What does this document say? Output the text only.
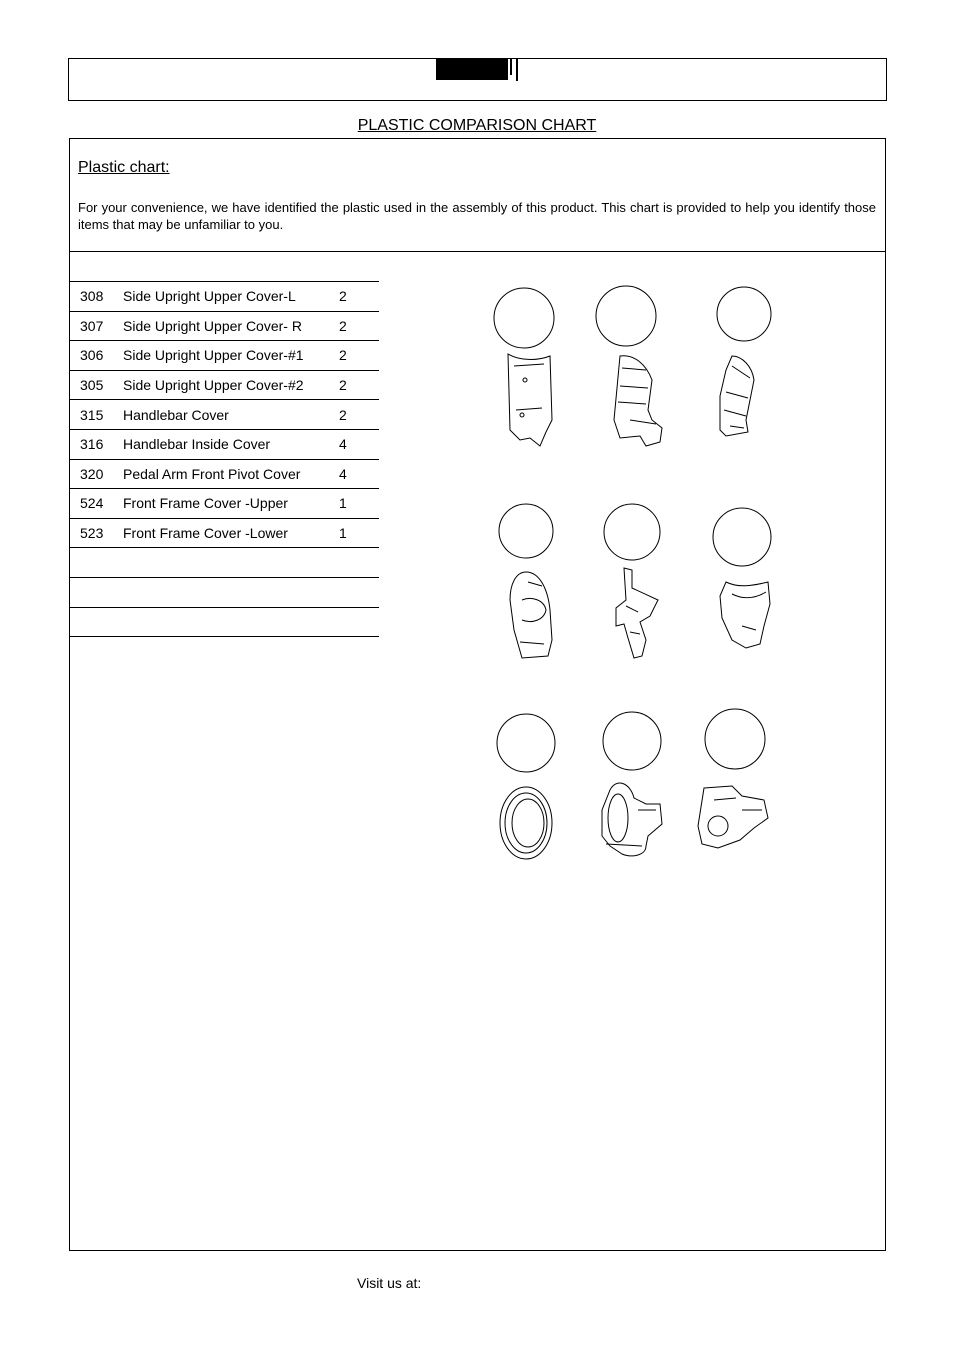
PLASTIC COMPARISON CHART
Plastic chart:
For your convenience, we have identified the plastic used in the assembly of this product. This chart is provided to help you identify those items that may be unfamiliar to you.
308	Side Upright Upper Cover-L	2
307	Side Upright Upper Cover- R	2
306	Side Upright Upper Cover-#1	2
305	Side Upright Upper Cover-#2	2
315	Handlebar Cover	2
316	Handlebar Inside Cover	4
320	Pedal Arm Front Pivot Cover	4
524	Front Frame Cover -Upper	1
523	Front Frame Cover -Lower	1

Visit us at:
